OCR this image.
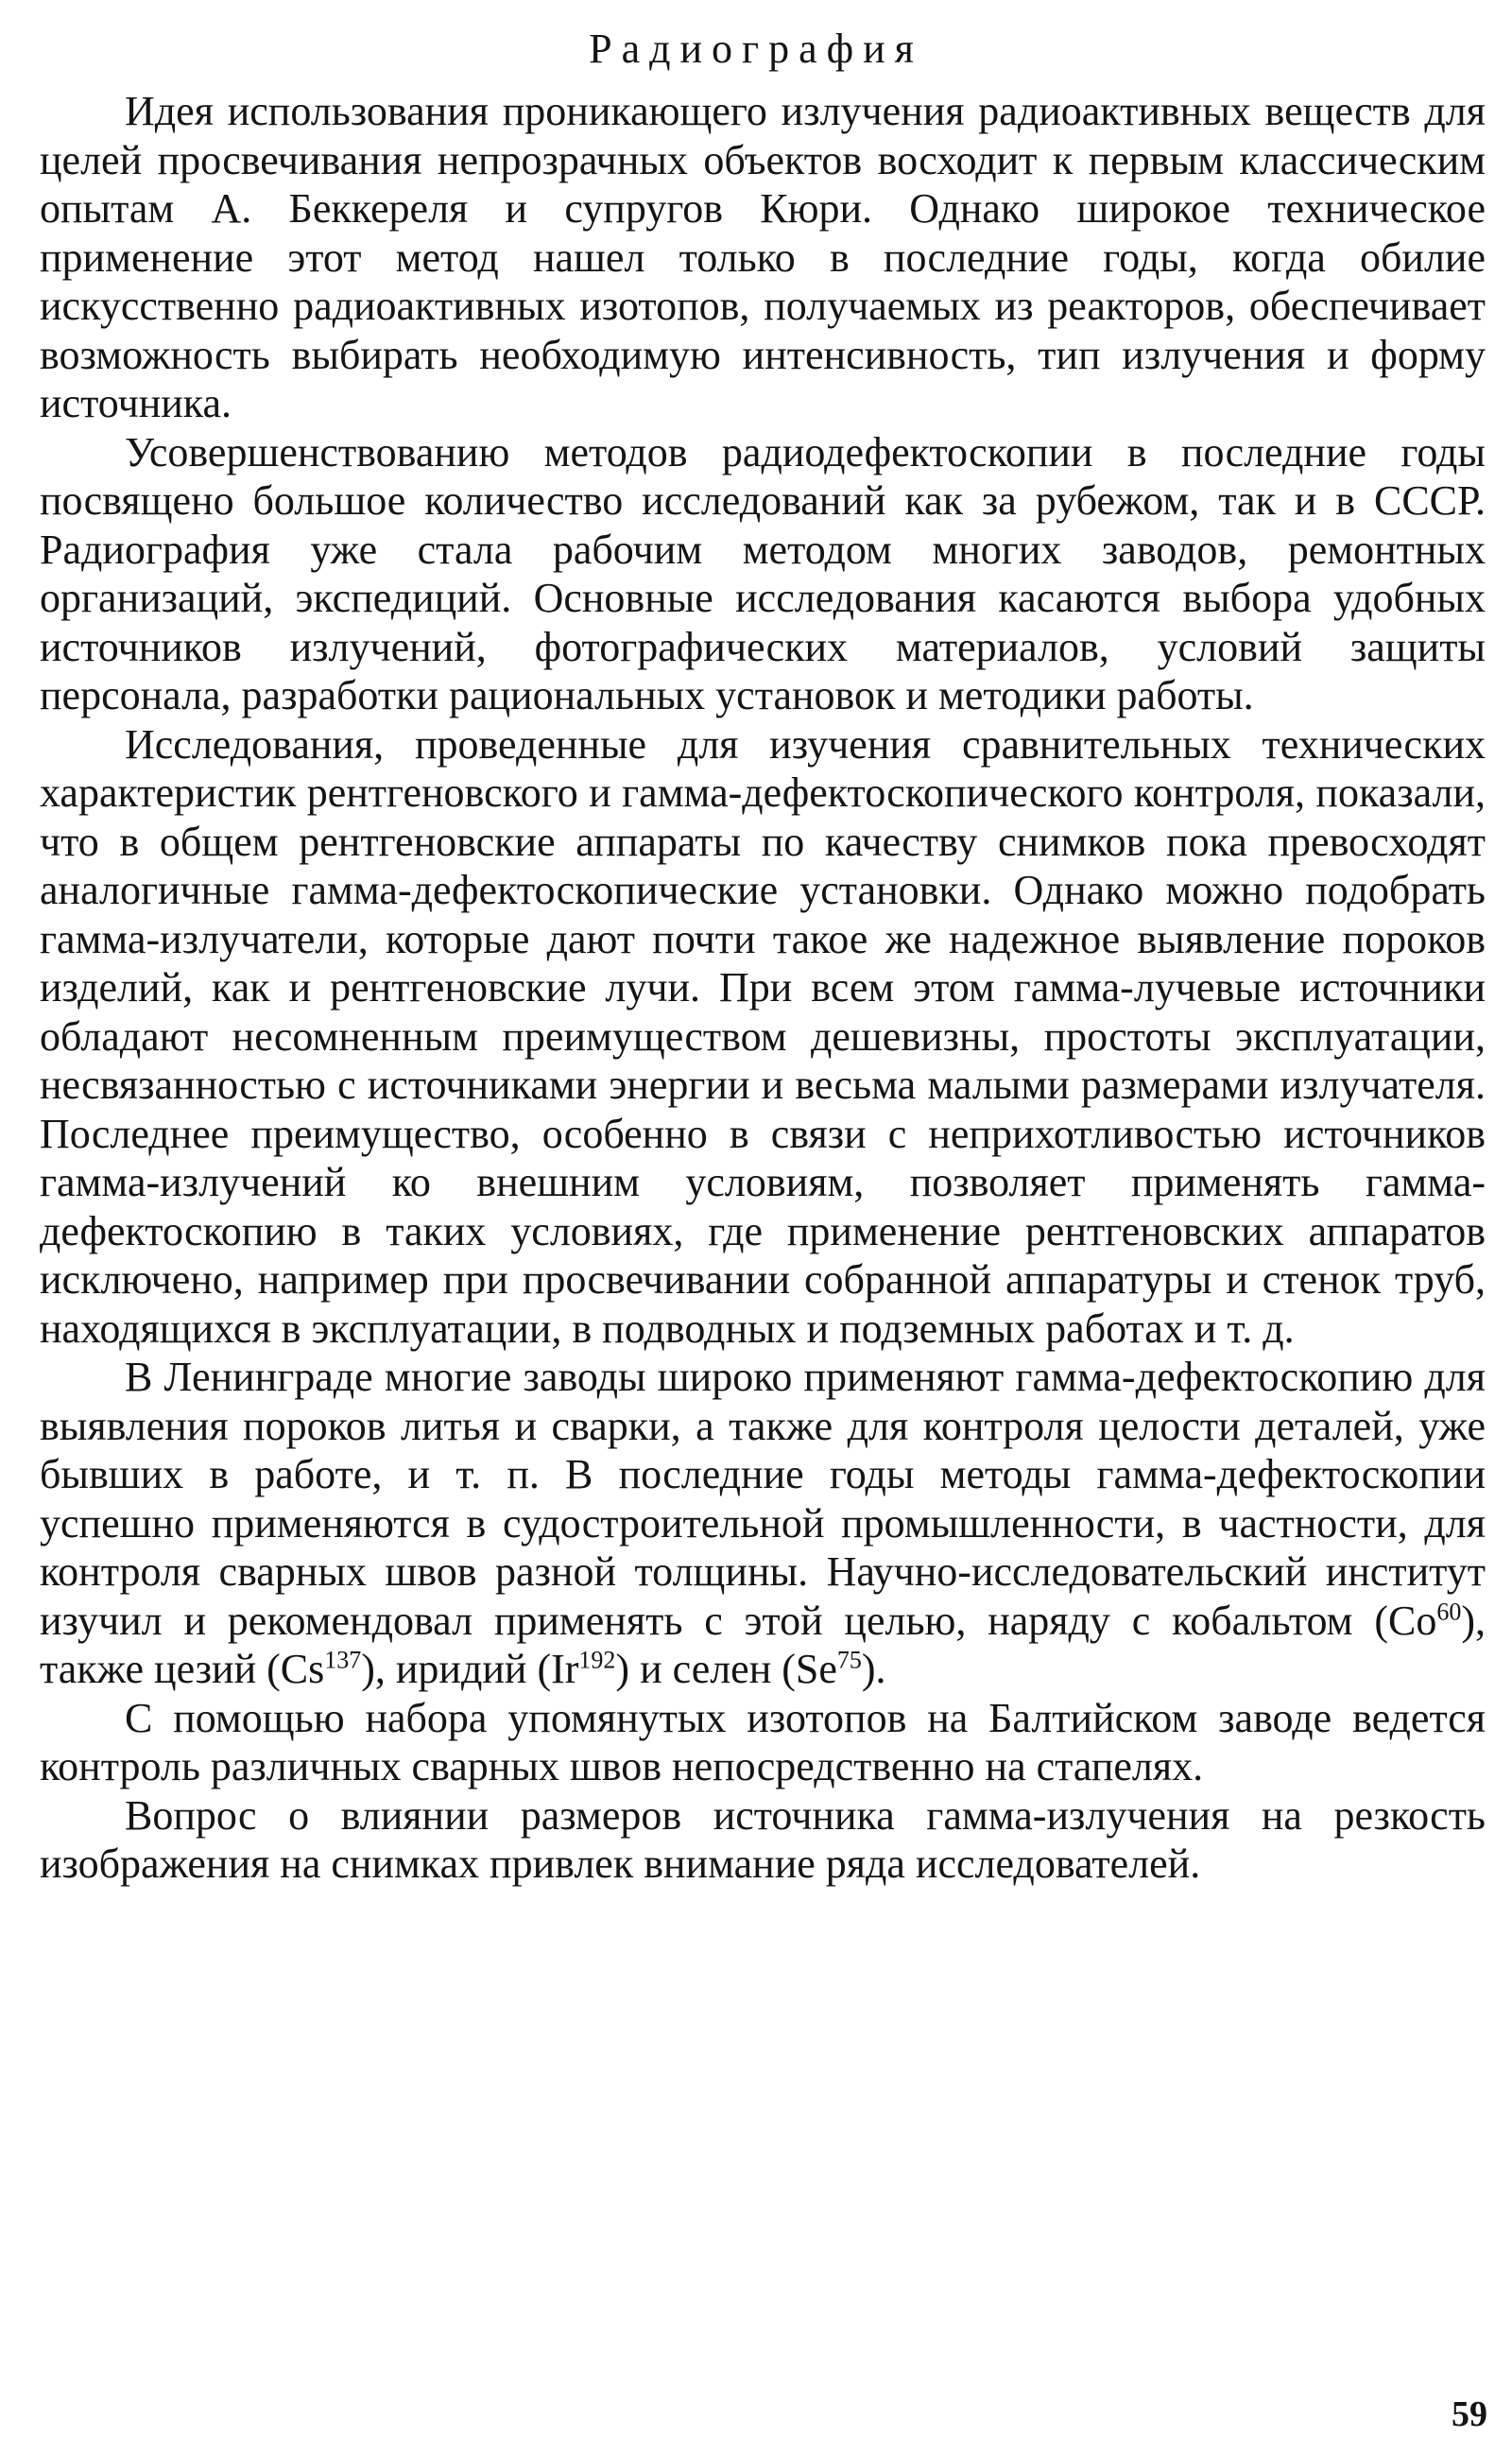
Радиография

Идея использования проникающего излучения радиоактивных веществ для целей просвечивания непрозрачных объектов восходит к первым классическим опытам А. Беккереля и супругов Кюри. Однако широкое техническое применение этот метод нашел только в последние годы, когда обилие искусственно радиоактивных изотопов, получаемых из реакторов, обеспечивает возможность выбирать необходимую интенсивность, тип излучения и форму источника.

Усовершенствованию методов радиодефектоскопии в последние годы посвящено большое количество исследований как за рубежом, так и в СССР. Радиография уже стала рабочим методом многих заводов, ремонтных организаций, экспедиций. Основные исследования касаются выбора удобных источников излучений, фотографических материалов, условий защиты персонала, разработки рациональных установок и методики работы.

Исследования, проведенные для изучения сравнительных технических характеристик рентгеновского и гамма-дефектоскопического контроля, показали, что в общем рентгеновские аппараты по качеству снимков пока превосходят аналогичные гамма-дефектоскопические установки. Однако можно подобрать гамма-излучатели, которые дают почти такое же надежное выявление пороков изделий, как и рентгеновские лучи. При всем этом гамма-лучевые источники обладают несомненным преимуществом дешевизны, простоты эксплуатации, несвязанностью с источниками энергии и весьма малыми размерами излучателя. Последнее преимущество, особенно в связи с неприхотливостью источников гамма-излучений ко внешним условиям, позволяет применять гамма-дефектоскопию в таких условиях, где применение рентгеновских аппаратов исключено, например при просвечивании собранной аппаратуры и стенок труб, находящихся в эксплуатации, в подводных и подземных работах и т. д.

В Ленинграде многие заводы широко применяют гамма-дефектоскопию для выявления пороков литья и сварки, а также для контроля целости деталей, уже бывших в работе, и т. п. В последние годы методы гамма-дефектоскопии успешно применяются в судостроительной промышленности, в частности, для контроля сварных швов разной толщины. Научно-исследовательский институт изучил и рекомендовал применять с этой целью, наряду с кобальтом (Co$^{60}$), также цезий (Cs$^{137}$), иридий (Ir$^{192}$) и селен (Se$^{75}$).

С помощью набора упомянутых изотопов на Балтийском заводе ведется контроль различных сварных швов непосредственно на стапелях.

Вопрос о влиянии размеров источника гамма-излучения на резкость изображения на снимках привлек внимание ряда исследователей.

59
